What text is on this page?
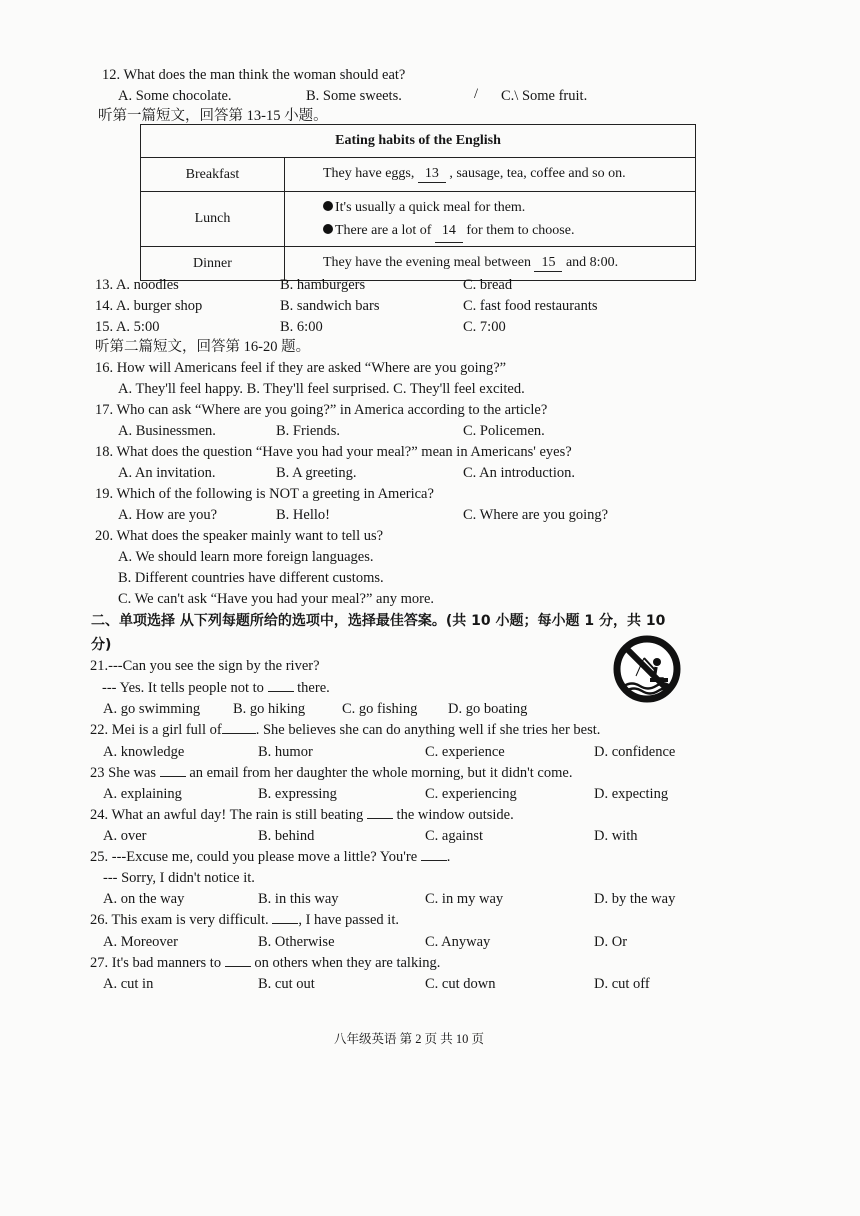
12. What does the man think the woman should eat?
A. Some chocolate.	B. Some sweets.	/ C.\ Some fruit.
听第一篇短文，回答第 13-15 小题。
Eating habits of the English	
Breakfast	They have eggs, 13 , sausage, tea, coffee and so on.
Lunch	It's usually a quick meal for them.
There are a lot of 14 for them to choose.

Dinner	They have the evening meal between 15 and 8:00.
13. A. noodles	B. hamburgers	C. bread
14. A. burger shop	B. sandwich bars	C. fast food restaurants
15. A. 5:00	B. 6:00	C. 7:00
听第二篇短文，回答第 16-20 题。
16. How will Americans feel if they are asked “Where are you going?”
A. They'll feel happy. B. They'll feel surprised. C. They'll feel excited.
17. Who can ask “Where are you going?” in America according to the article?
A. Businessmen.	B. Friends.	C. Policemen.
18. What does the question “Have you had your meal?” mean in Americans' eyes?
A. An invitation.	B. A greeting.	C. An introduction.
19. Which of the following is NOT a greeting in America?
A. How are you?	B. Hello!	C. Where are you going?
20. What does the speaker mainly want to tell us?
A. We should learn more foreign languages.
B. Different countries have different customs.
C. We can't ask “Have you had your meal?” any more.
二、单项选择 从下列每题所给的选项中，选择最佳答案。(共 10 小题；每小题 1 分，共 10
分)
21.---Can you see the sign by the river?
--- Yes. It tells people not to  there.
A. go swimming B. go hiking	C. go fishing D. go boating
22. Mei is a girl full of . She believes she can do anything well if she tries her best.
A. knowledge	B. humor	C. experience	D. confidence
23 She was  an email from her daughter the whole morning, but it didn't come.
A. explaining	B. expressing	C. experiencing	D. expecting
24. What an awful day! The rain is still beating  the window outside.
A. over	B. behind	C. against	D. with
25. ---Excuse me, could you please move a little? You're .
--- Sorry, I didn't notice it.
A. on the way	B. in this way	C. in my way	D. by the way
26. This exam is very difficult. , I have passed it.
A. Moreover	B. Otherwise	C. Anyway	D. Or
27. It's bad manners to  on others when they are talking.
A. cut in	B. cut out	C. cut down	D. cut off
八年级英语 第 2 页 共 10 页
